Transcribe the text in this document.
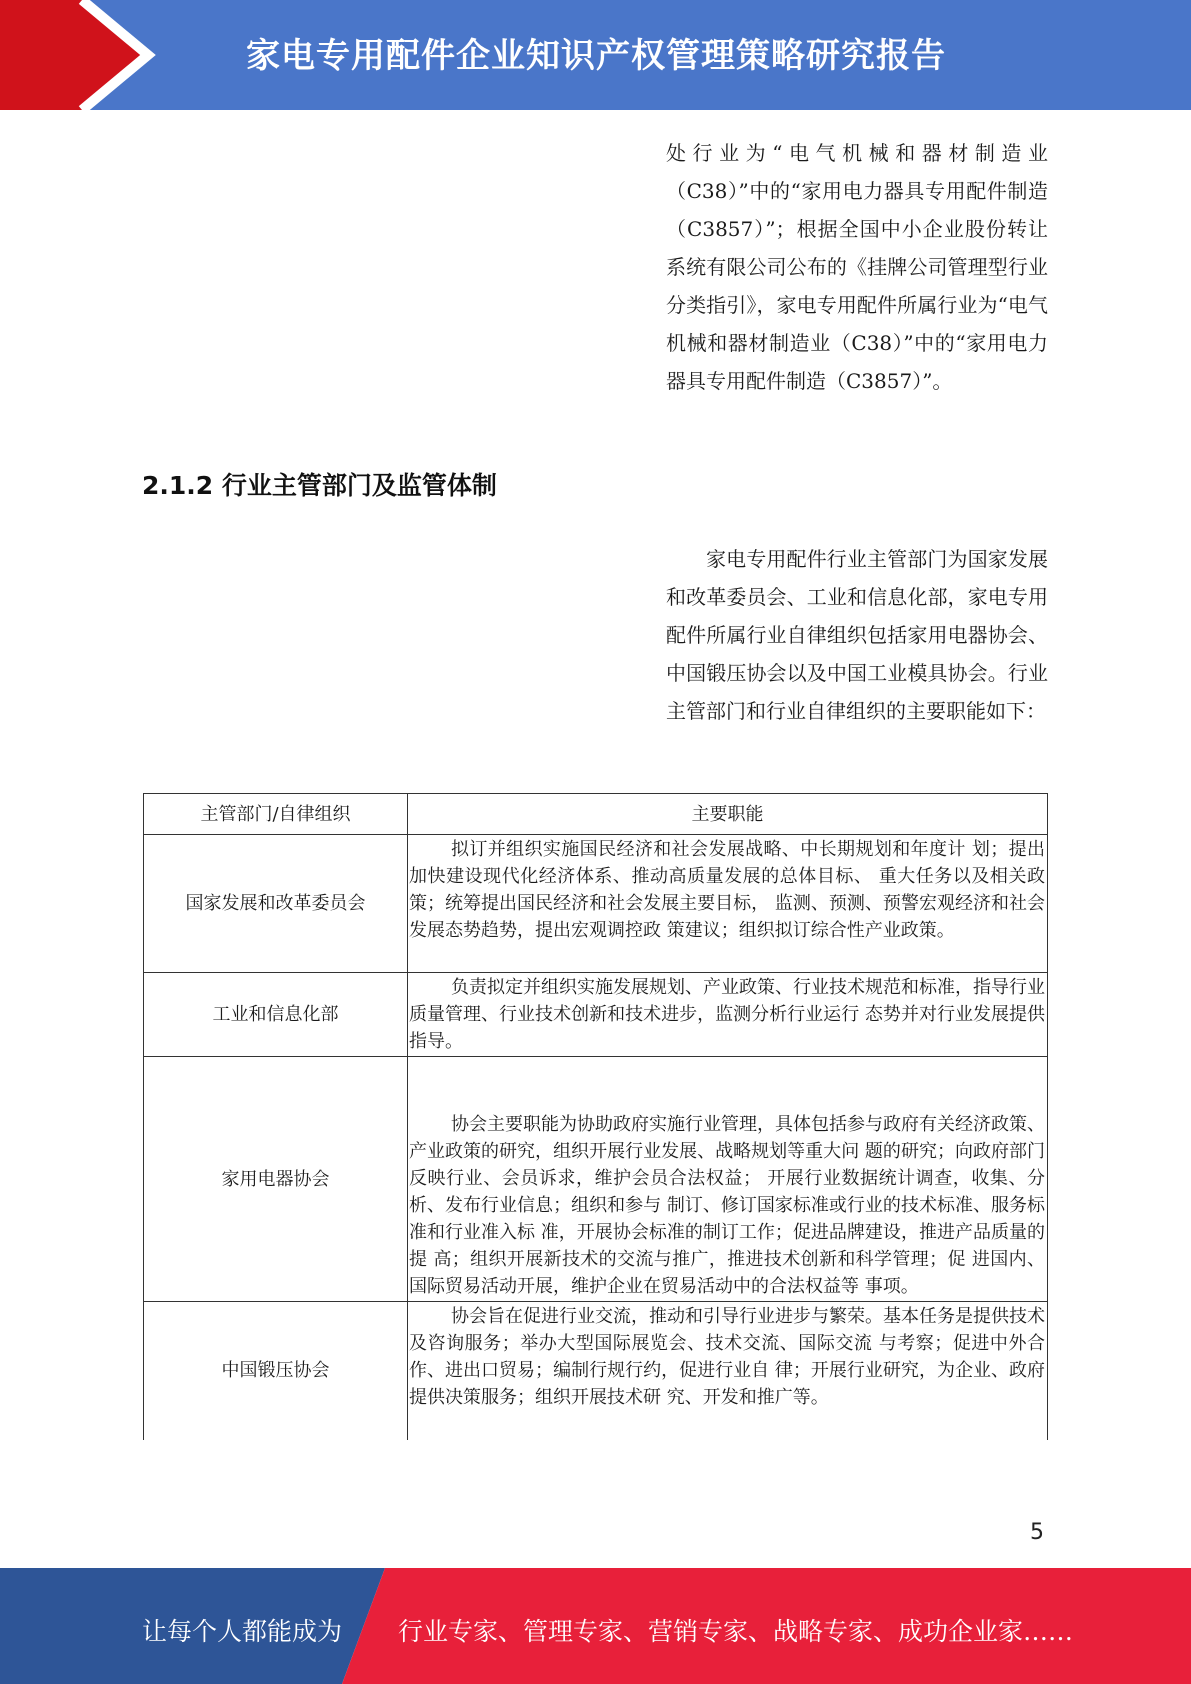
家电专用配件企业知识产权管理策略研究报告
处行业为“电气机械和器材制造业（C38）”中的“家用电力器具专用配件制造（C3857）”；根据全国中小企业股份转让系统有限公司公布的《挂牌公司管理型行业分类指引》，家电专用配件所属行业为“电气机械和器材制造业（C38）”中的“家用电力器具专用配件制造（C3857）”。
2.1.2 行业主管部门及监管体制
家电专用配件行业主管部门为国家发展和改革委员会、工业和信息化部，家电专用配件所属行业自律组织包括家用电器协会、中国锻压协会以及中国工业模具协会。行业主管部门和行业自律组织的主要职能如下：
主管部门/自律组织	主要职能
国家发展和改革委员会	拟订并组织实施国民经济和社会发展战略、中长期规划和年度计 划；提出加快建设现代化经济体系、推动高质量发展的总体目标、 重大任务以及相关政策；统筹提出国民经济和社会发展主要目标， 监测、预测、预警宏观经济和社会发展态势趋势，提出宏观调控政 策建议；组织拟订综合性产业政策。
工业和信息化部	负责拟定并组织实施发展规划、产业政策、行业技术规范和标准，指导行业质量管理、行业技术创新和技术进步，监测分析行业运行 态势并对行业发展提供指导。
家用电器协会	协会主要职能为协助政府实施行业管理，具体包括参与政府有关经济政策、产业政策的研究，组织开展行业发展、战略规划等重大问 题的研究；向政府部门反映行业、会员诉求，维护会员合法权益； 开展行业数据统计调查，收集、分析、发布行业信息；组织和参与 制订、修订国家标准或行业的技术标准、服务标准和行业准入标 准，开展协会标准的制订工作；促进品牌建设，推进产品质量的提 高；组织开展新技术的交流与推广，推进技术创新和科学管理；促 进国内、国际贸易活动开展，维护企业在贸易活动中的合法权益等 事项。
中国锻压协会	协会旨在促进行业交流，推动和引导行业进步与繁荣。基本任务是提供技术及咨询服务；举办大型国际展览会、技术交流、国际交流 与考察；促进中外合作、进出口贸易；编制行规行约，促进行业自 律；开展行业研究，为企业、政府提供决策服务；组织开展技术研 究、开发和推广等。
5
让每个人都能成为 行业专家、管理专家、营销专家、战略专家、成功企业家……
